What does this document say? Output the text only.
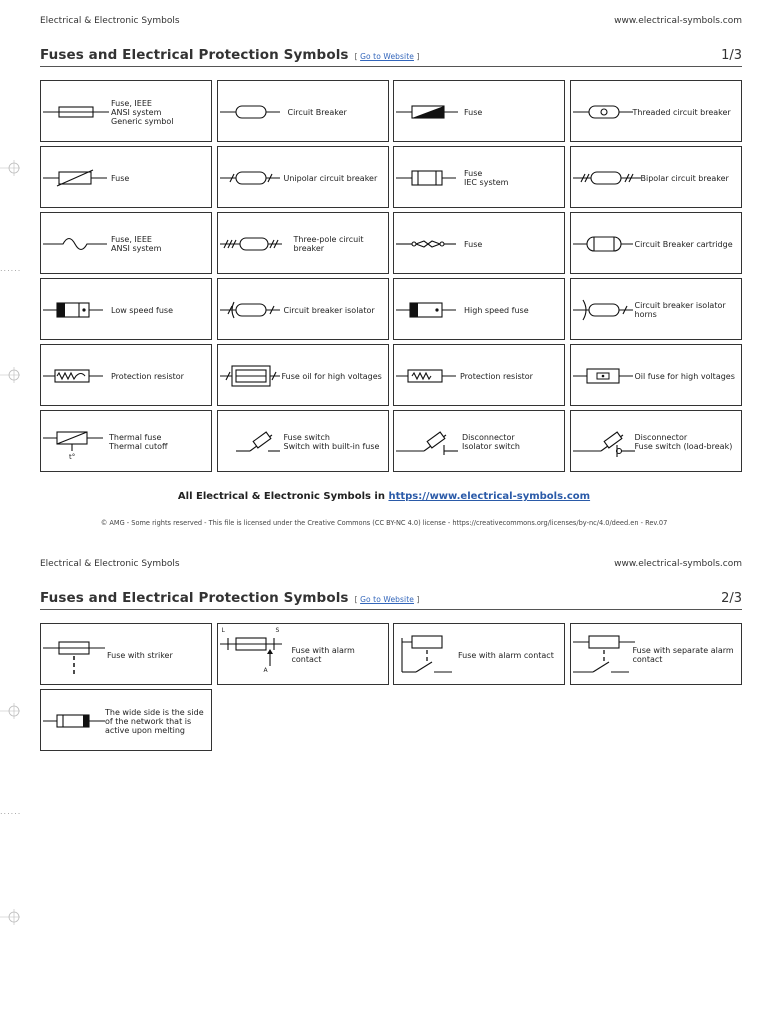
Electrical & Electronic Symbols	www.electrical-symbols.com
Fuses and Electrical Protection Symbols [ Go to Website ]	1/3
Fuse, IEEE
ANSI system
Generic symbol
Circuit Breaker	Fuse	Threaded circuit breaker
Fuse	Unipolar circuit breaker
Fuse
IEC system	Bipolar circuit breaker
Fuse, IEEE
ANSI system
Three-pole circuit
breaker	Fuse	Circuit Breaker cartridge
Low speed fuse	Circuit breaker isolator	High speed fuse
Circuit breaker isolator
horns
Protection resistor	Fuse oil for high voltages	Protection resistor	Oil fuse for high voltages
Thermal fuse
Thermal cutoff
t°
Fuse switch
Switch with built-in fuse
Disconnector
Isolator switch
Disconnector
Fuse switch (load-break)
All Electrical & Electronic Symbols in https://www.electrical-symbols.com
© AMG - Some rights reserved - This file is licensed under the Creative Commons (CC BY-NC 4.0) license - https://creativecommons.org/licenses/by-nc/4.0/deed.en - Rev.07
Electrical & Electronic Symbols	www.electrical-symbols.com
Fuses and Electrical Protection Symbols [ Go to Website ]	2/3
Fuse with striker
Fuse with alarm
contact
L	S
A
Fuse with alarm contact
Fuse with separate alarm
contact
The wide side is the side
of the network that is
active upon melting
......
......
